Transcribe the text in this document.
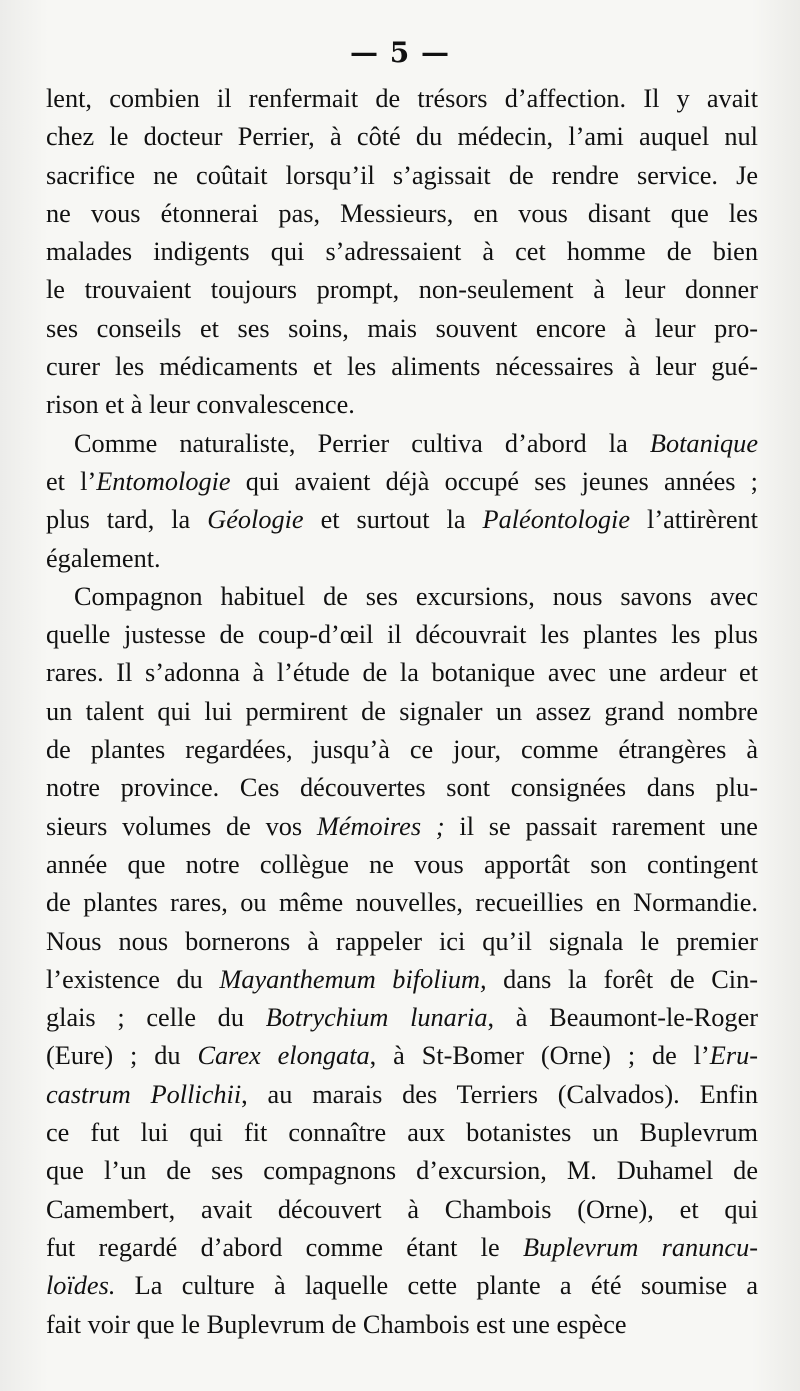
— 5 —
lent, combien il renfermait de trésors d’affection. Il y avait
chez le docteur Perrier, à côté du médecin, l’ami auquel nul
sacrifice ne coûtait lorsqu’il s’agissait de rendre service. Je
ne vous étonnerai pas, Messieurs, en vous disant que les
malades indigents qui s’adressaient à cet homme de bien
le trouvaient toujours prompt, non-seulement à leur donner
ses conseils et ses soins, mais souvent encore à leur pro-
curer les médicaments et les aliments nécessaires à leur gué-
rison et à leur convalescence.
Comme naturaliste, Perrier cultiva d’abord la Botanique
et l’Entomologie qui avaient déjà occupé ses jeunes années ;
plus tard, la Géologie et surtout la Paléontologie l’attirèrent
également.
Compagnon habituel de ses excursions, nous savons avec
quelle justesse de coup-d’œil il découvrait les plantes les plus
rares. Il s’adonna à l’étude de la botanique avec une ardeur et
un talent qui lui permirent de signaler un assez grand nombre
de plantes regardées, jusqu’à ce jour, comme étrangères à
notre province. Ces découvertes sont consignées dans plu-
sieurs volumes de vos Mémoires ; il se passait rarement une
année que notre collègue ne vous apportât son contingent
de plantes rares, ou même nouvelles, recueillies en Normandie.
Nous nous bornerons à rappeler ici qu’il signala le premier
l’existence du Mayanthemum bifolium, dans la forêt de Cin-
glais ; celle du Botrychium lunaria, à Beaumont-le-Roger
(Eure) ; du Carex elongata, à St-Bomer (Orne) ; de l’Eru-
castrum Pollichii, au marais des Terriers (Calvados). Enfin
ce fut lui qui fit connaître aux botanistes un Buplevrum
que l’un de ses compagnons d’excursion, M. Duhamel de
Camembert, avait découvert à Chambois (Orne), et qui
fut regardé d’abord comme étant le Buplevrum ranuncu-
loïdes. La culture à laquelle cette plante a été soumise a
fait voir que le Buplevrum de Chambois est une espèce
